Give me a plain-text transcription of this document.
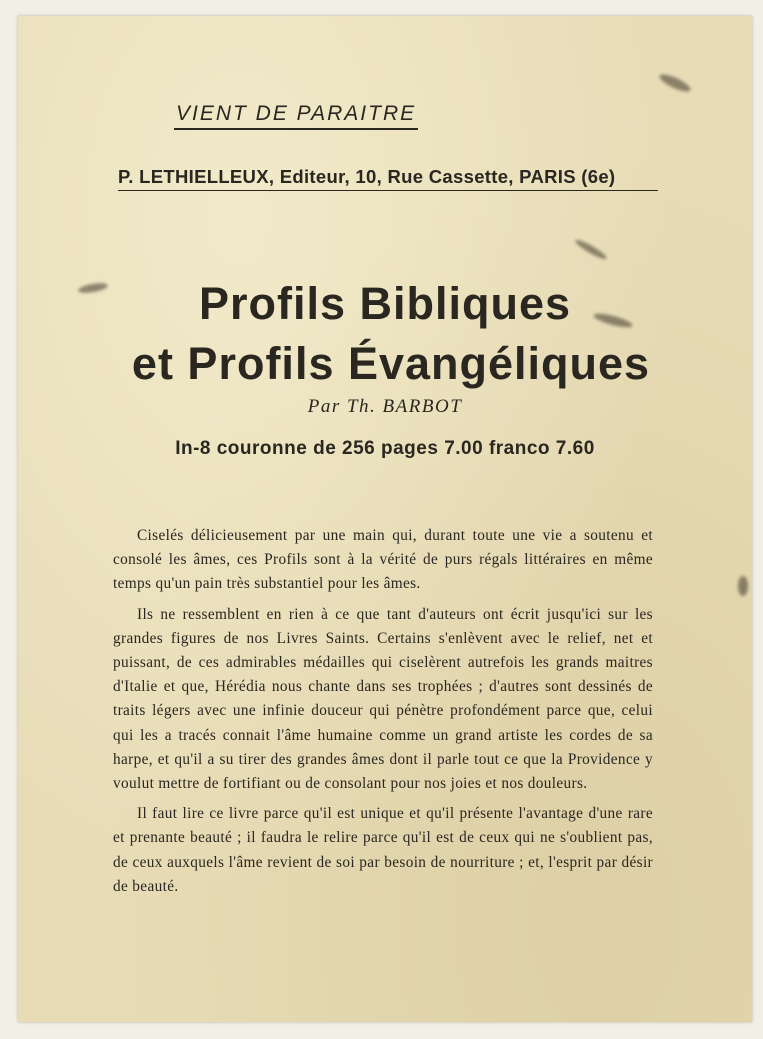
VIENT DE PARAITRE
P. LETHIELLEUX, Editeur, 10, Rue Cassette, PARIS (6e)
Profils Bibliques
et Profils Évangéliques
Par Th. BARBOT
In-8 couronne de 256 pages 7.00 franco 7.60

Ciselés délicieusement par une main qui, durant toute une vie a soutenu et consolé les âmes, ces Profils sont à la vérité de purs régals littéraires en même temps qu'un pain très substantiel pour les âmes.

Ils ne ressemblent en rien à ce que tant d'auteurs ont écrit jusqu'ici sur les grandes figures de nos Livres Saints. Certains s'enlèvent avec le relief, net et puissant, de ces admirables médailles qui ciselèrent autrefois les grands maitres d'Italie et que, Hérédia nous chante dans ses trophées ; d'autres sont dessinés de traits légers avec une infinie douceur qui pénètre profondément parce que, celui qui les a tracés connait l'âme humaine comme un grand artiste les cordes de sa harpe, et qu'il a su tirer des grandes âmes dont il parle tout ce que la Providence y voulut mettre de fortifiant ou de consolant pour nos joies et nos douleurs.

Il faut lire ce livre parce qu'il est unique et qu'il présente l'avantage d'une rare et prenante beauté ; il faudra le relire parce qu'il est de ceux qui ne s'oublient pas, de ceux auxquels l'âme revient de soi par besoin de nourriture ; et, l'esprit par désir de beauté.
